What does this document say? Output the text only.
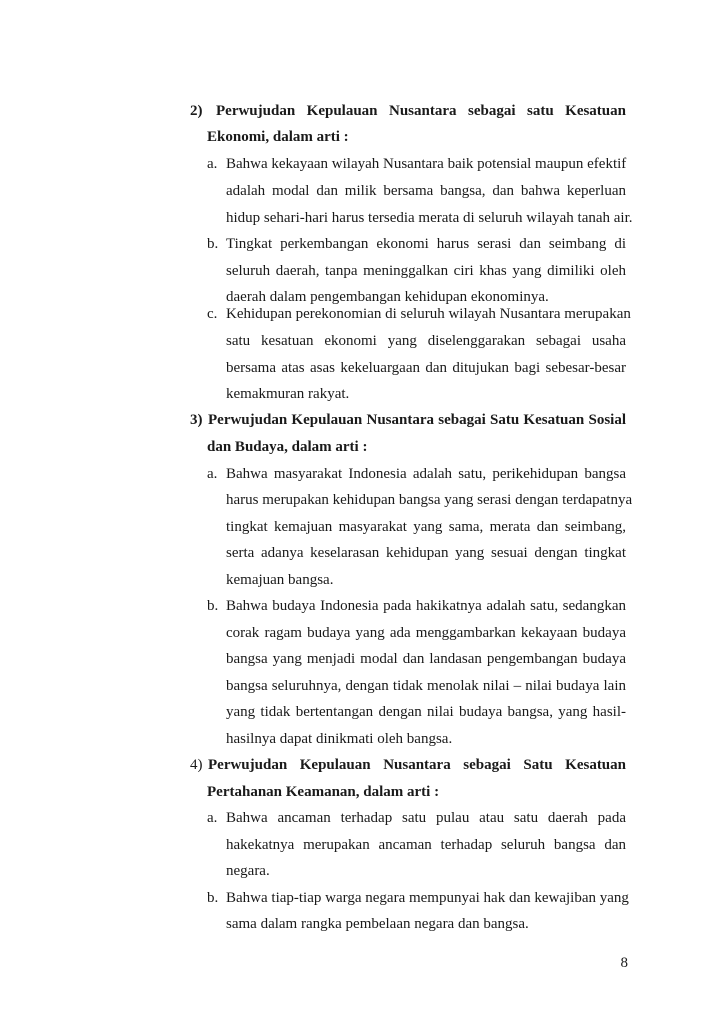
2) Perwujudan Kepulauan Nusantara sebagai satu Kesatuan
Ekonomi, dalam arti :
a. Bahwa kekayaan wilayah Nusantara baik potensial maupun efektif
adalah modal dan milik bersama bangsa, dan bahwa keperluan
hidup sehari-hari harus tersedia merata di seluruh wilayah tanah air.
b. Tingkat perkembangan ekonomi harus serasi dan seimbang di
seluruh daerah, tanpa meninggalkan ciri khas yang dimiliki oleh
daerah dalam pengembangan kehidupan ekonominya.
c. Kehidupan perekonomian di seluruh wilayah Nusantara merupakan
satu kesatuan ekonomi yang diselenggarakan sebagai usaha
bersama atas asas kekeluargaan dan ditujukan bagi sebesar-besar
kemakmuran rakyat.
3) Perwujudan Kepulauan Nusantara sebagai Satu Kesatuan Sosial
dan Budaya, dalam arti :
a. Bahwa masyarakat Indonesia adalah satu, perikehidupan bangsa
harus merupakan kehidupan bangsa yang serasi dengan terdapatnya
tingkat kemajuan masyarakat yang sama, merata dan seimbang,
serta adanya keselarasan kehidupan yang sesuai dengan tingkat
kemajuan bangsa.
b. Bahwa budaya Indonesia pada hakikatnya adalah satu, sedangkan
corak ragam budaya yang ada menggambarkan kekayaan budaya
bangsa yang menjadi modal dan landasan pengembangan budaya
bangsa seluruhnya, dengan tidak menolak nilai – nilai budaya lain
yang tidak bertentangan dengan nilai budaya bangsa, yang hasil-
hasilnya dapat dinikmati oleh bangsa.
4) Perwujudan Kepulauan Nusantara sebagai Satu Kesatuan
Pertahanan Keamanan, dalam arti :
a. Bahwa ancaman terhadap satu pulau atau satu daerah pada
hakekatnya merupakan ancaman terhadap seluruh bangsa dan
negara.
b. Bahwa tiap-tiap warga negara mempunyai hak dan kewajiban yang
sama dalam rangka pembelaan negara dan bangsa.
8
